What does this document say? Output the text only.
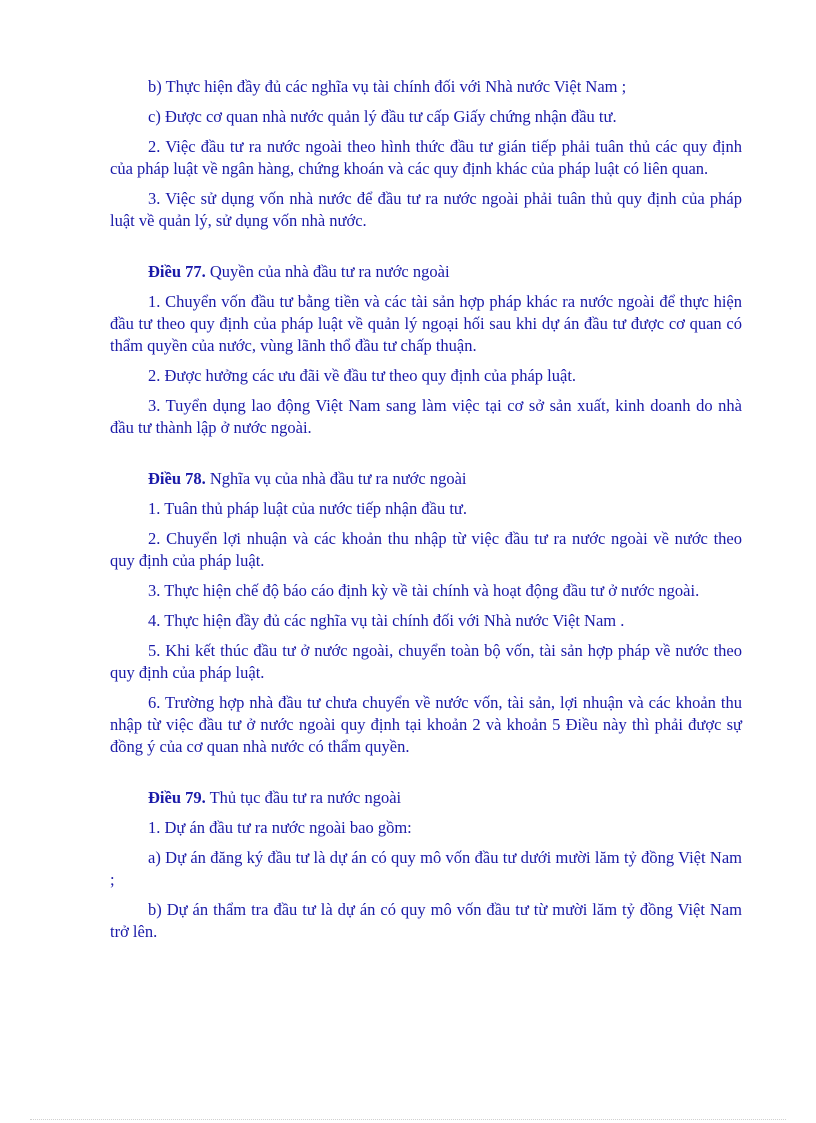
b) Thực hiện đầy đủ các nghĩa vụ tài chính đối với Nhà nước Việt Nam ;

c) Được cơ quan nhà nước quản lý đầu tư cấp Giấy chứng nhận đầu tư.

2. Việc đầu tư ra nước ngoài theo hình thức đầu tư gián tiếp phải tuân thủ các quy định của pháp luật về ngân hàng, chứng khoán và các quy định khác của pháp luật có liên quan.

3. Việc sử dụng vốn nhà nước để đầu tư ra nước ngoài phải tuân thủ quy định của pháp luật về quản lý, sử dụng vốn nhà nước.

Điều 77. Quyền của nhà đầu tư ra nước ngoài

1. Chuyển vốn đầu tư bằng tiền và các tài sản hợp pháp khác ra nước ngoài để thực hiện đầu tư theo quy định của pháp luật về quản lý ngoại hối sau khi dự án đầu tư được cơ quan có thẩm quyền của nước, vùng lãnh thổ đầu tư chấp thuận.

2. Được hưởng các ưu đãi về đầu tư theo quy định của pháp luật.

3. Tuyển dụng lao động Việt Nam sang làm việc tại cơ sở sản xuất, kinh doanh do nhà đầu tư thành lập ở nước ngoài.

Điều 78. Nghĩa vụ của nhà đầu tư ra nước ngoài

1. Tuân thủ pháp luật của nước tiếp nhận đầu tư.

2. Chuyển lợi nhuận và các khoản thu nhập từ việc đầu tư ra nước ngoài về nước theo quy định của pháp luật.

3. Thực hiện chế độ báo cáo định kỳ về tài chính và hoạt động đầu tư ở nước ngoài.

4. Thực hiện đầy đủ các nghĩa vụ tài chính đối với Nhà nước Việt Nam .

5. Khi kết thúc đầu tư ở nước ngoài, chuyển toàn bộ vốn, tài sản hợp pháp về nước theo quy định của pháp luật.

6. Trường hợp nhà đầu tư chưa chuyển về nước vốn, tài sản, lợi nhuận và các khoản thu nhập từ việc đầu tư ở nước ngoài quy định tại khoản 2 và khoản 5 Điều này thì phải được sự đồng ý của cơ quan nhà nước có thẩm quyền.

Điều 79. Thủ tục đầu tư ra nước ngoài

1. Dự án đầu tư ra nước ngoài bao gồm:

a) Dự án đăng ký đầu tư là dự án có quy mô vốn đầu tư dưới mười lăm tỷ đồng Việt Nam ;

b) Dự án thẩm tra đầu tư là dự án có quy mô vốn đầu tư từ mười lăm tỷ đồng Việt Nam trở lên.
